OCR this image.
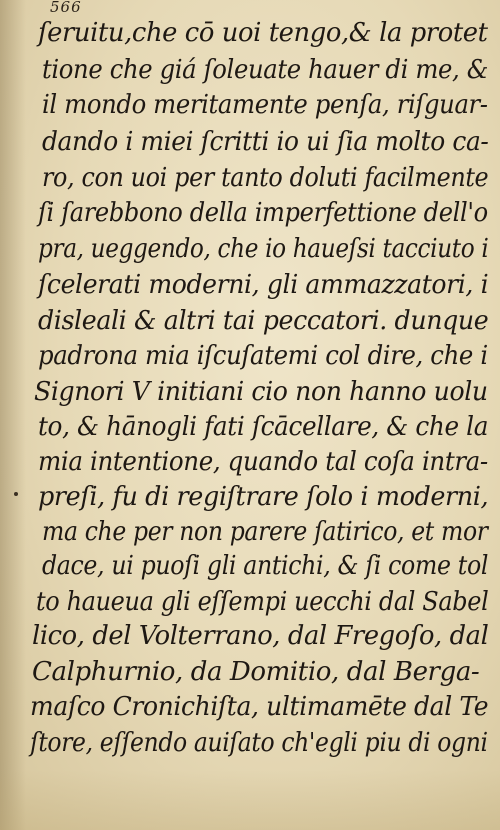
566
ſeruitu,che cō uoi tengo,& la protet
tione che giá ſoleuate hauer di me, &
il mondo meritamente penſa, riſguar-
dando i miei ſcritti io ui ſia molto ca-
ro, con uoi per tanto doluti facilmente
ſi ſarebbono della imperfettione dell'o
pra, ueggendo, che io haueſsi tacciuto i
ſcelerati moderni, gli ammazzatori, i
disleali & altri tai peccatori. dunque
padrona mia iſcuſatemi col dire, che i
Signori V initiani cio non hanno uolu
to, & hānogli fati ſcācellare, & che la
mia intentione, quando tal coſa intra-
preſi, fu di regiſtrare ſolo i moderni,
ma che per non parere ſatirico, et mor
dace, ui puoſi gli antichi, & ſi come tol
to haueua gli eſſempi uecchi dal Sabel
lico, del Volterrano, dal Fregoſo, dal
Calphurnio, da Domitio, dal Berga-
maſco Cronichiſta, ultimamēte dal Te
ſtore, eſſendo auiſato ch'egli piu di ogni
